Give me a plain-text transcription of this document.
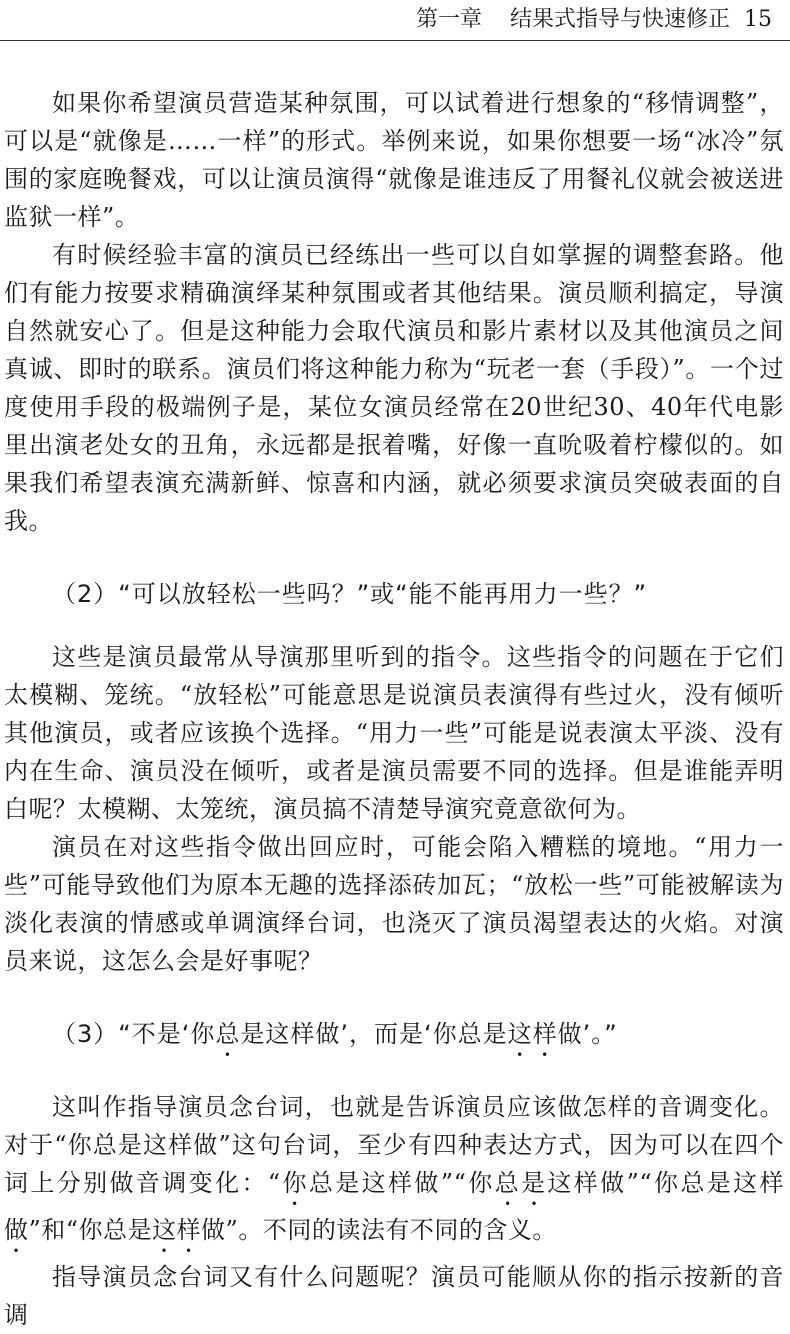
第一章 结果式指导与快速修正 15

如果你希望演员营造某种氛围，可以试着进行想象的“移情调整”，可以是“就像是……一样”的形式。举例来说，如果你想要一场“冰冷”氛围的家庭晚餐戏，可以让演员演得“就像是谁违反了用餐礼仪就会被送进监狱一样”。

有时候经验丰富的演员已经练出一些可以自如掌握的调整套路。他们有能力按要求精确演绎某种氛围或者其他结果。演员顺利搞定，导演自然就安心了。但是这种能力会取代演员和影片素材以及其他演员之间真诚、即时的联系。演员们将这种能力称为“玩老一套（手段）”。一个过度使用手段的极端例子是，某位女演员经常在20世纪30、40年代电影里出演老处女的丑角，永远都是抿着嘴，好像一直吮吸着柠檬似的。如果我们希望表演充满新鲜、惊喜和内涵，就必须要求演员突破表面的自我。

（2）“可以放轻松一些吗？”或“能不能再用力一些？”

这些是演员最常从导演那里听到的指令。这些指令的问题在于它们太模糊、笼统。“放轻松”可能意思是说演员表演得有些过火，没有倾听其他演员，或者应该换个选择。“用力一些”可能是说表演太平淡、没有内在生命、演员没在倾听，或者是演员需要不同的选择。但是谁能弄明白呢？太模糊、太笼统，演员搞不清楚导演究竟意欲何为。

演员在对这些指令做出回应时，可能会陷入糟糕的境地。“用力一些”可能导致他们为原本无趣的选择添砖加瓦；“放松一些”可能被解读为淡化表演的情感或单调演绎台词，也浇灭了演员渴望表达的火焰。对演员来说，这怎么会是好事呢？

（3）“不是‘你总是这样做’，而是‘你总是这样做’。”

这叫作指导演员念台词，也就是告诉演员应该做怎样的音调变化。对于“你总是这样做”这句台词，至少有四种表达方式，因为可以在四个词上分别做音调变化：“你总是这样做”“你总是这样做”“你总是这样做”和“你总是这样做”。不同的读法有不同的含义。

指导演员念台词又有什么问题呢？演员可能顺从你的指示按新的音调
